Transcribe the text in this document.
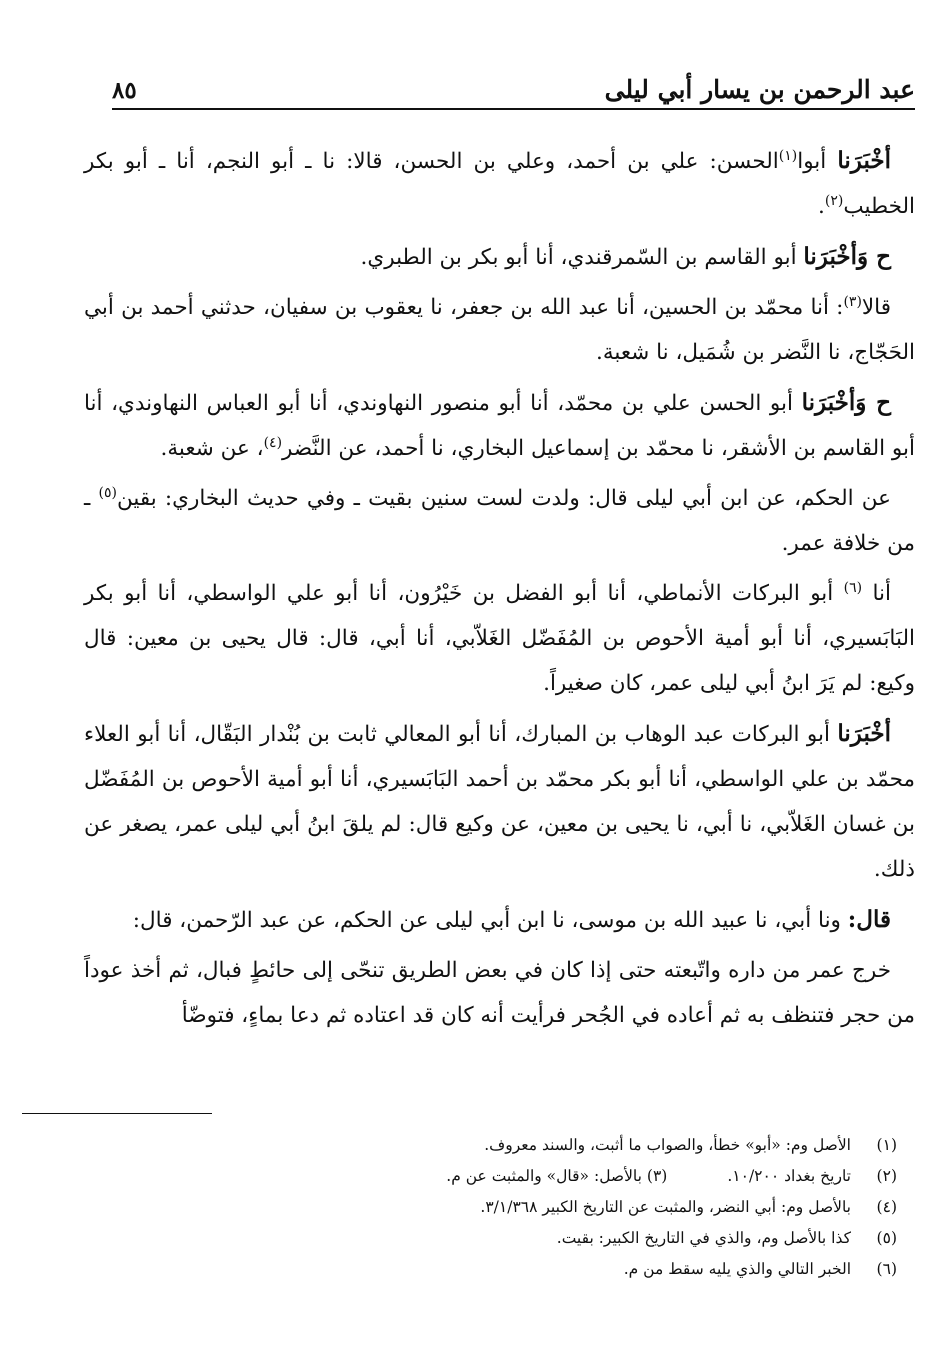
عبد الرحمن بن يسار أبي ليلى
٨٥

أخْبَرَنا أبوا$^{(١)}$الحسن: علي بن أحمد، وعلي بن الحسن، قالا: نا ـ أبو النجم، أنا ـ أبو بكر الخطيب$^{(٢)}$.

ح وَأخْبَرَنا أبو القاسم بن السّمرقندي، أنا أبو بكر بن الطبري.

قالا$^{(٣)}$: أنا محمّد بن الحسين، أنا عبد الله بن جعفر، نا يعقوب بن سفيان، حدثني أحمد بن أبي الحَجّاج، نا النَّضر بن شُمَيل، نا شعبة.

ح وَأخْبَرَنا أبو الحسن علي بن محمّد، أنا أبو منصور النهاوندي، أنا أبو العباس النهاوندي، أنا أبو القاسم بن الأشقر، نا محمّد بن إسماعيل البخاري، نا أحمد، عن النَّضر$^{(٤)}$، عن شعبة.

عن الحكم، عن ابن أبي ليلى قال: ولدت لست سنين بقيت ـ وفي حديث البخاري: بقين$^{(٥)}$ ـ من خلافة عمر.

أنا $^{(٦)}$ أبو البركات الأنماطي، أنا أبو الفضل بن خَيْرُون، أنا أبو علي الواسطي، أنا أبو بكر البَابَسيري، أنا أبو أمية الأحوص بن المُفَضّل الغَلاّبي، أنا أبي، قال: قال يحيى بن معين: قال وكيع: لم يَرَ ابنُ أبي ليلى عمر، كان صغيراً.

أخْبَرَنا أبو البركات عبد الوهاب بن المبارك، أنا أبو المعالي ثابت بن بُنْدار البَقّال، أنا أبو العلاء محمّد بن علي الواسطي، أنا أبو بكر محمّد بن أحمد البَابَسيري، أنا أبو أمية الأحوص بن المُفَضّل بن غسان الغَلاّبي، نا أبي، نا يحيى بن معين، عن وكيع قال: لم يلقَ ابنُ أبي ليلى عمر، يصغر عن ذلك.

قال: ونا أبي، نا عبيد الله بن موسى، نا ابن أبي ليلى عن الحكم، عن عبد الرّحمن، قال:

خرج عمر من داره واتّبعته حتى إذا كان في بعض الطريق تنحّى إلى حائطٍ فبال، ثم أخذ عوداً من حجر فتنظف به ثم أعاده في الجُحر فرأيت أنه كان قد اعتاده ثم دعا بماءٍ، فتوضّأ

(١)
الأصل وم: «أبو» خطأ، والصواب ما أثبت، والسند معروف.
(٢)
تاريخ بغداد ١٠/٢٠٠.
(٣)

بالأصل: «قال» والمثبت عن م.
(٤)
بالأصل وم: أبي النضر، والمثبت عن التاريخ الكبير ٣/١/٣٦٨.
(٥)
كذا بالأصل وم، والذي في التاريخ الكبير: بقيت.
(٦)
الخبر التالي والذي يليه سقط من م.
